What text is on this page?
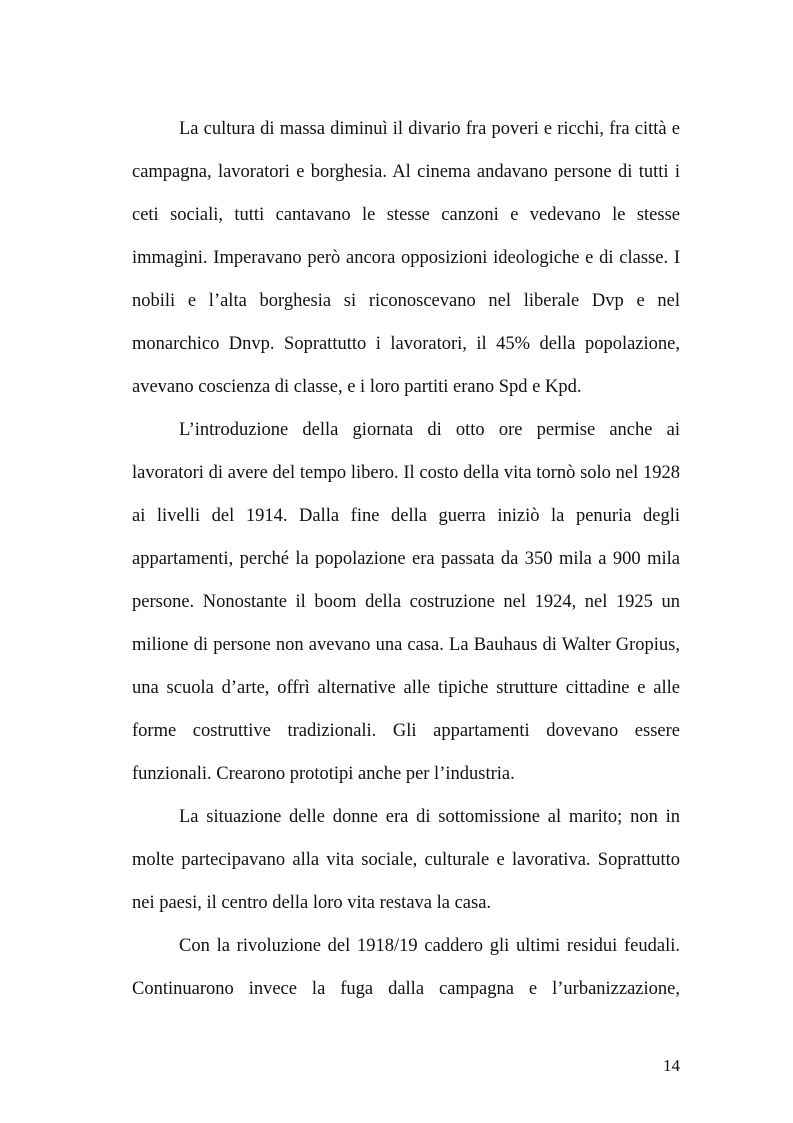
La cultura di massa diminuì il divario fra poveri e ricchi, fra città e campagna, lavoratori e borghesia. Al cinema andavano persone di tutti i ceti sociali, tutti cantavano le stesse canzoni e vedevano le stesse immagini. Imperavano però ancora opposizioni ideologiche e di classe. I nobili e l’alta borghesia si riconoscevano nel liberale Dvp e nel monarchico Dnvp. Soprattutto i lavoratori, il 45% della popolazione, avevano coscienza di classe, e i loro partiti erano Spd e Kpd.

L’introduzione della giornata di otto ore permise anche ai lavoratori di avere del tempo libero. Il costo della vita tornò solo nel 1928 ai livelli del 1914. Dalla fine della guerra iniziò la penuria degli appartamenti, perché la popolazione era passata da 350 mila a 900 mila persone. Nonostante il boom della costruzione nel 1924, nel 1925 un milione di persone non avevano una casa. La Bauhaus di Walter Gropius, una scuola d’arte, offrì alternative alle tipiche strutture cittadine e alle forme costruttive tradizionali. Gli appartamenti dovevano essere funzionali. Crearono prototipi anche per l’industria.

La situazione delle donne era di sottomissione al marito; non in molte partecipavano alla vita sociale, culturale e lavorativa. Soprattutto nei paesi, il centro della loro vita restava la casa.

Con la rivoluzione del 1918/19 caddero gli ultimi residui feudali. Continuarono invece la fuga dalla campagna e l’urbanizzazione,

14
